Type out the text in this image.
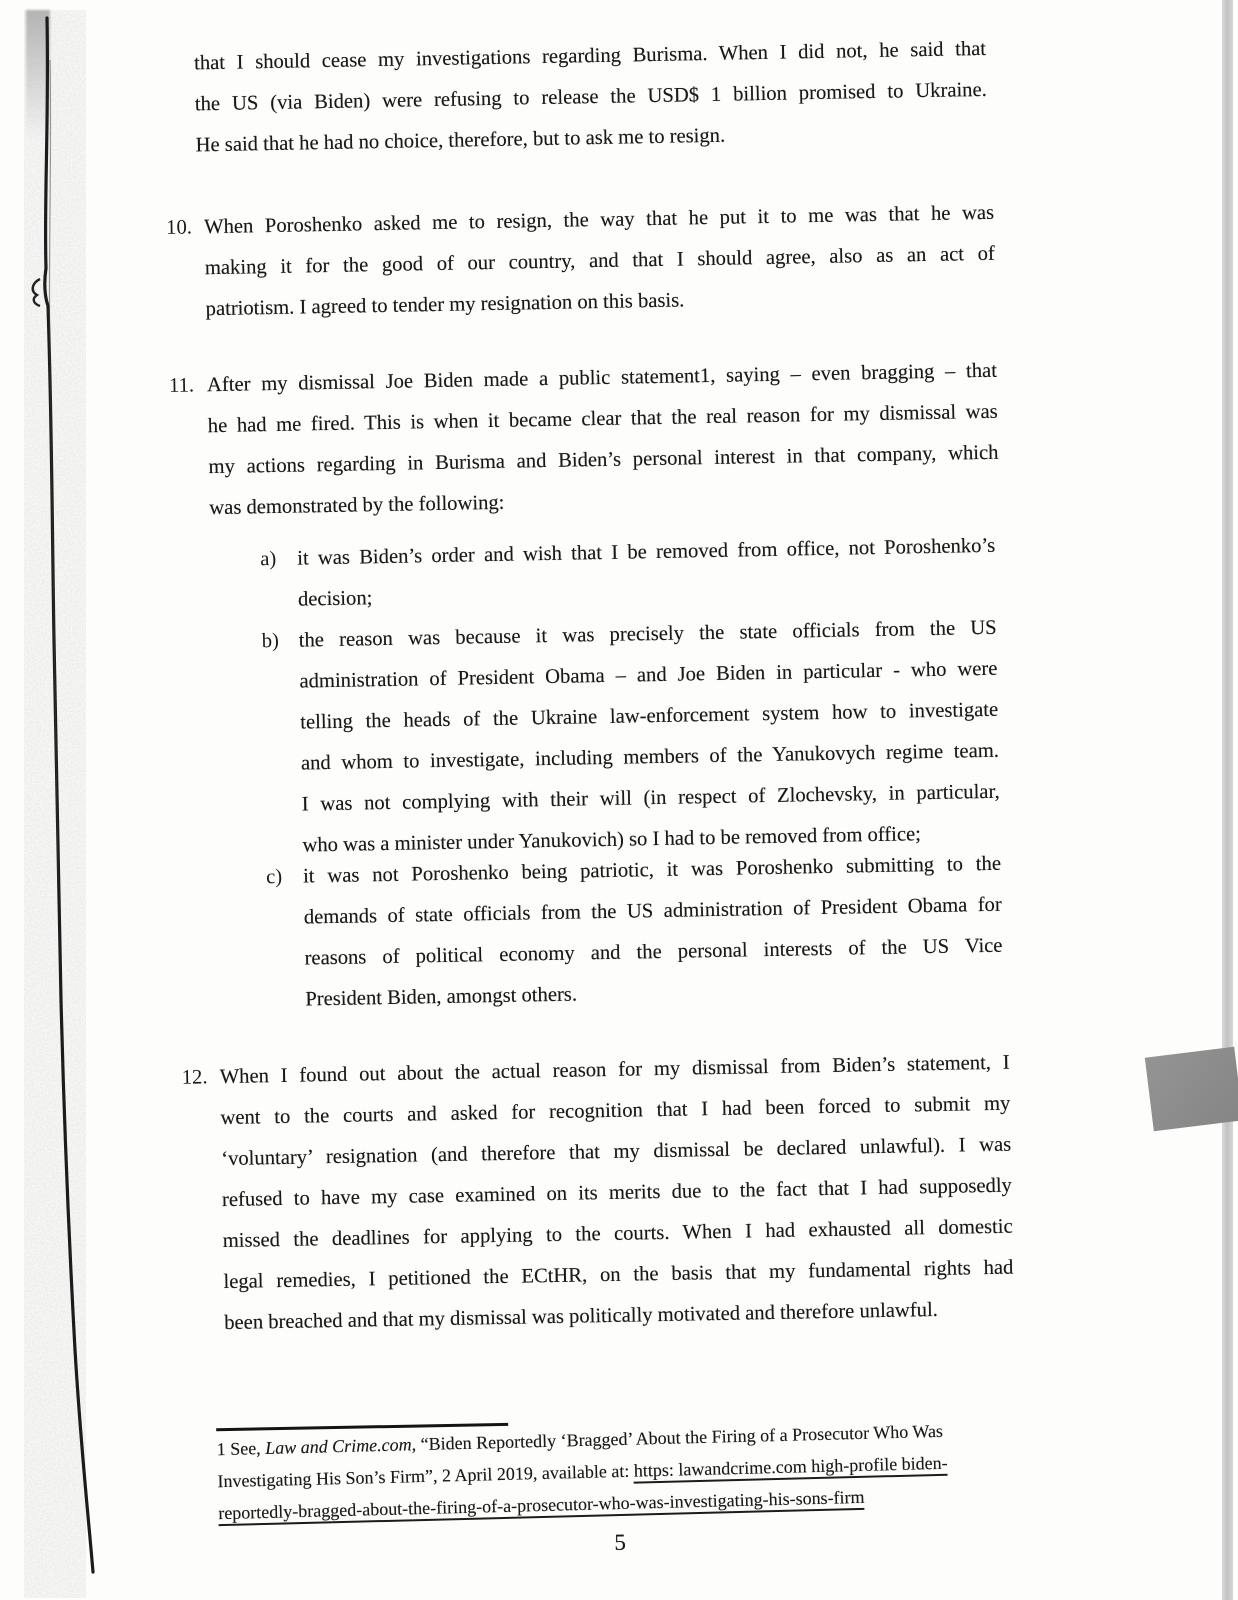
that I should cease my investigations regarding Burisma. When I did not, he said that
the US (via Biden) were refusing to release the USD$ 1 billion promised to Ukraine.
He said that he had no choice, therefore, but to ask me to resign.
10. When Poroshenko asked me to resign, the way that he put it to me was that he was
making it for the good of our country, and that I should agree, also as an act of
patriotism. I agreed to tender my resignation on this basis.
11. After my dismissal Joe Biden made a public statement1, saying – even bragging – that
he had me fired. This is when it became clear that the real reason for my dismissal was
my actions regarding in Burisma and Biden’s personal interest in that company, which
was demonstrated by the following:
a) it was Biden’s order and wish that I be removed from office, not Poroshenko’s
decision;
b) the reason was because it was precisely the state officials from the US
administration of President Obama – and Joe Biden in particular - who were
telling the heads of the Ukraine law-enforcement system how to investigate
and whom to investigate, including members of the Yanukovych regime team.
I was not complying with their will (in respect of Zlochevsky, in particular,
who was a minister under Yanukovich) so I had to be removed from office;
c) it was not Poroshenko being patriotic, it was Poroshenko submitting to the
demands of state officials from the US administration of President Obama for
reasons of political economy and the personal interests of the US Vice
President Biden, amongst others.
12. When I found out about the actual reason for my dismissal from Biden’s statement, I
went to the courts and asked for recognition that I had been forced to submit my
‘voluntary’ resignation (and therefore that my dismissal be declared unlawful). I was
refused to have my case examined on its merits due to the fact that I had supposedly
missed the deadlines for applying to the courts. When I had exhausted all domestic
legal remedies, I petitioned the ECtHR, on the basis that my fundamental rights had
been breached and that my dismissal was politically motivated and therefore unlawful.
1 See, Law and Crime.com, “Biden Reportedly ‘Bragged’ About the Firing of a Prosecutor Who Was
Investigating His Son’s Firm”, 2 April 2019, available at: https: lawandcrime.com high-profile biden-
reportedly-bragged-about-the-firing-of-a-prosecutor-who-was-investigating-his-sons-firm
5
